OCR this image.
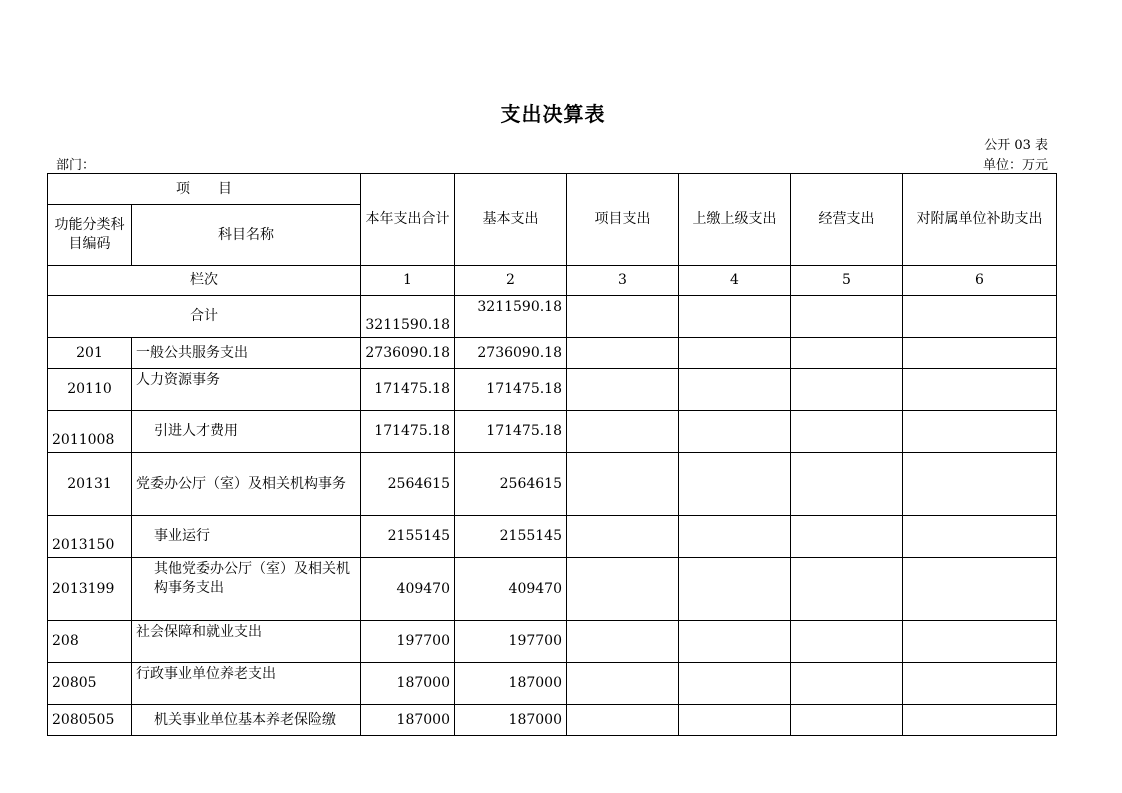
支出决算表
公开 03 表
部门：	单位：万元
项　　目		本年支出合计	基本支出	项目支出	上缴上级支出	经营支出	对附属单位补助支出
功能分类科目编码	科目名称						
栏次		1	2	3	4	5	6
合计		3211590.18	3211590.18				
201	一般公共服务支出	2736090.18	2736090.18				
20110	人力资源事务	171475.18	171475.18				
2011008	引进人才费用	171475.18	171475.18				
20131	党委办公厅（室）及相关机构事务	2564615	2564615				
2013150	事业运行	2155145	2155145				
2013199	其他党委办公厅（室）及相关机构事务支出	409470	409470				
208	社会保障和就业支出	197700	197700				
20805	行政事业单位养老支出	187000	187000				
2080505	机关事业单位基本养老保险缴	187000	187000				
